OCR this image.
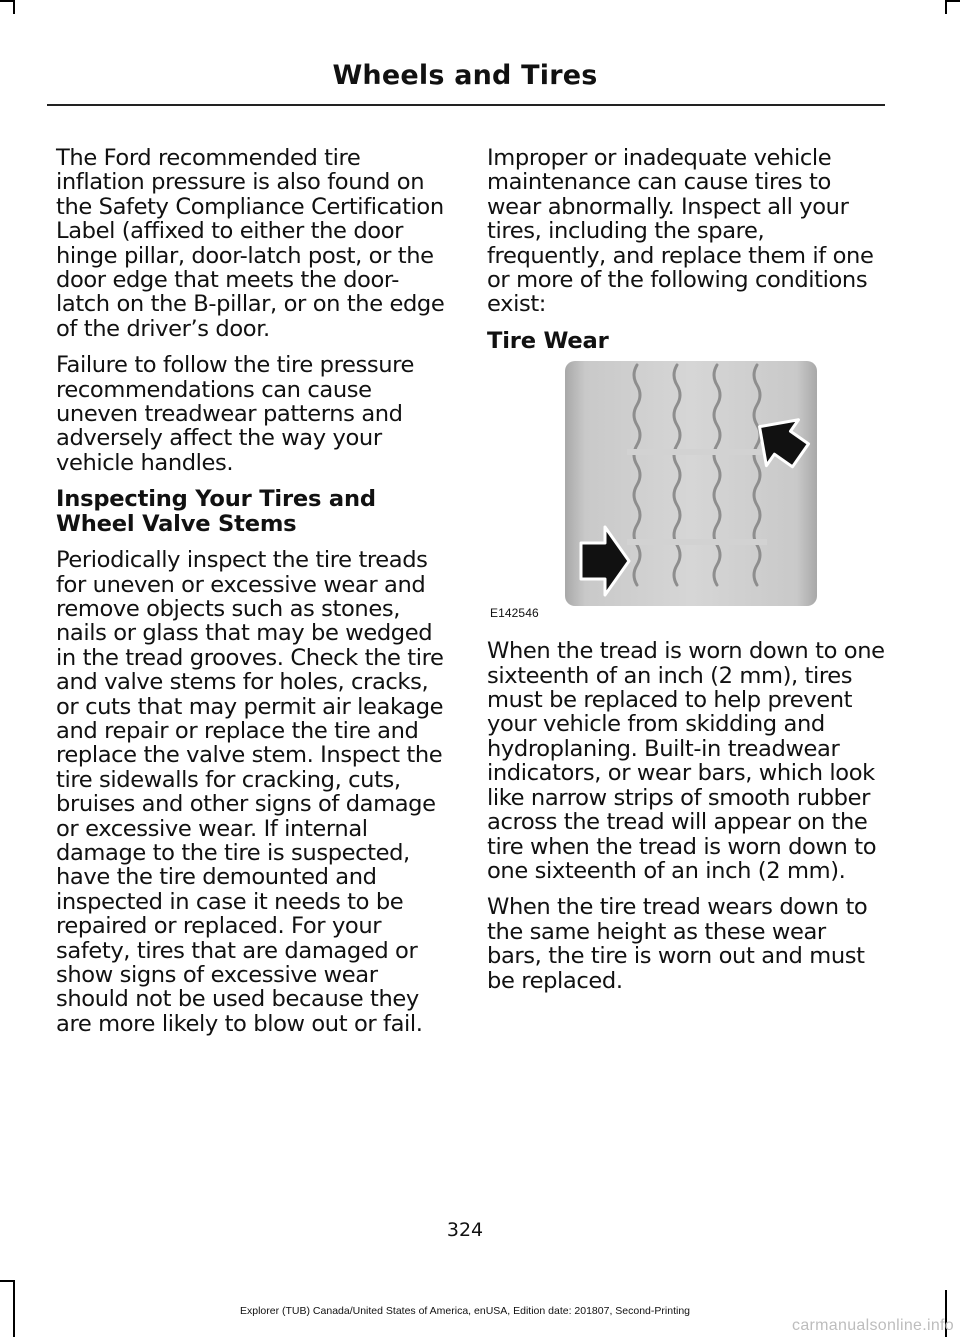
Wheels and Tires

The Ford recommended tire inflation pressure is also found on the Safety Compliance Certification Label (affixed to either the door hinge pillar, door-latch post, or the door edge that meets the door-latch on the B-pillar, or on the edge of the driver’s door.

Failure to follow the tire pressure recommendations can cause uneven treadwear patterns and adversely affect the way your vehicle handles.

Inspecting Your Tires and Wheel Valve Stems

Periodically inspect the tire treads for uneven or excessive wear and remove objects such as stones, nails or glass that may be wedged in the tread grooves. Check the tire and valve stems for holes, cracks, or cuts that may permit air leakage and repair or replace the tire and replace the valve stem. Inspect the tire sidewalls for cracking, cuts, bruises and other signs of damage or excessive wear. If internal damage to the tire is suspected, have the tire demounted and inspected in case it needs to be repaired or replaced. For your safety, tires that are damaged or show signs of excessive wear should not be used because they are more likely to blow out or fail.

Improper or inadequate vehicle maintenance can cause tires to wear abnormally. Inspect all your tires, including the spare, frequently, and replace them if one or more of the following conditions exist:

Tire Wear
E142546

When the tread is worn down to one sixteenth of an inch (2 mm), tires must be replaced to help prevent your vehicle from skidding and hydroplaning. Built-in treadwear indicators, or wear bars, which look like narrow strips of smooth rubber across the tread will appear on the tire when the tread is worn down to one sixteenth of an inch (2 mm).

When the tire tread wears down to the same height as these wear bars, the tire is worn out and must be replaced.

324
Explorer (TUB) Canada/United States of America, enUSA, Edition date: 201807, Second-Printing
carmanualsonline.info
